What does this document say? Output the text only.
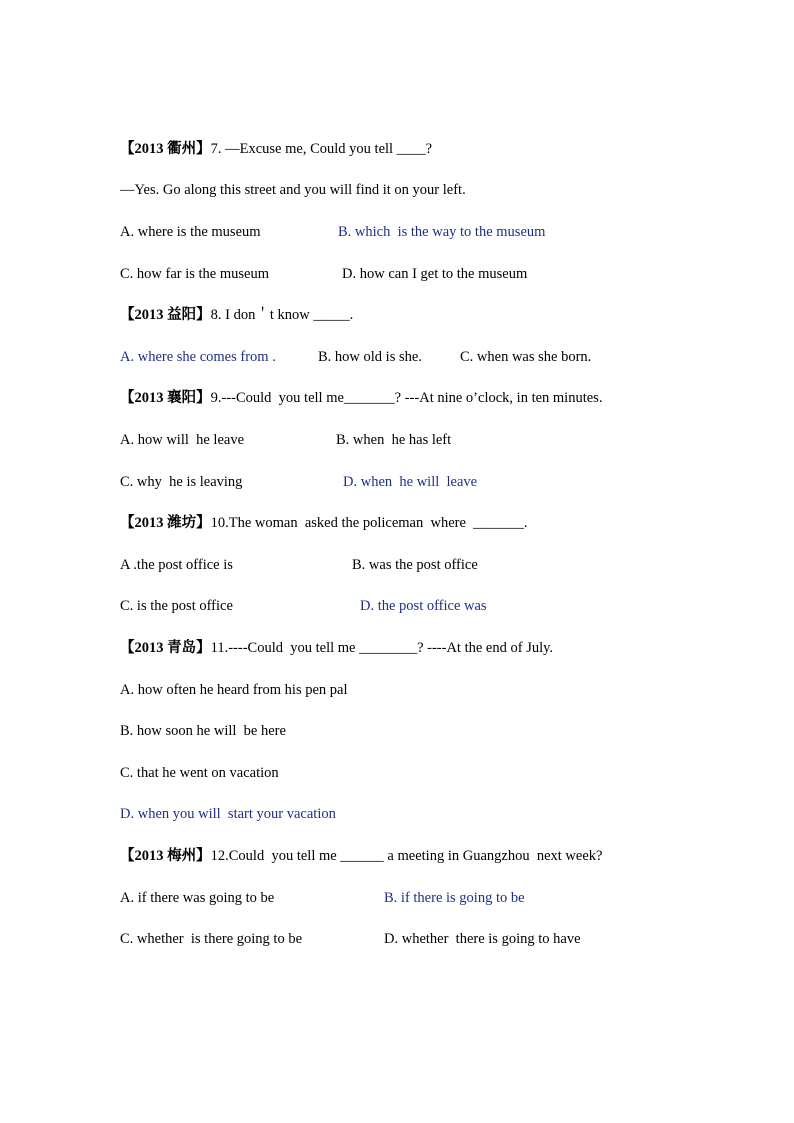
【2013 衢州】7. —Excuse me, Could you tell ____?
—Yes. Go along this street and you will find it on your left.
A. where is the museum	B. which  is the way to the museum
C. how far is the museum	D. how can I get to the museum
【2013 益阳】8. I don＇t know _____.
A. where she comes from .	B. how old is she.	C. when was she born.
【2013 襄阳】9.---Could  you tell me_______? ---At nine o’clock, in ten minutes.
A. how will  he leave	B. when  he has left
C. why  he is leaving	D. when  he will  leave
【2013 潍坊】10.The woman  asked the policeman  where  _______.
A .the post office is	B. was the post office
C. is the post office	D. the post office was
【2013 青岛】11.----Could  you tell me ________? ----At the end of July.
A. how often he heard from his pen pal
B. how soon he will  be here
C. that he went on vacation
D. when you will  start your vacation
【2013 梅州】12.Could  you tell me ______ a meeting in Guangzhou  next week?
A. if there was going to be	B. if there is going to be
C. whether  is there going to be	D. whether  there is going to have
